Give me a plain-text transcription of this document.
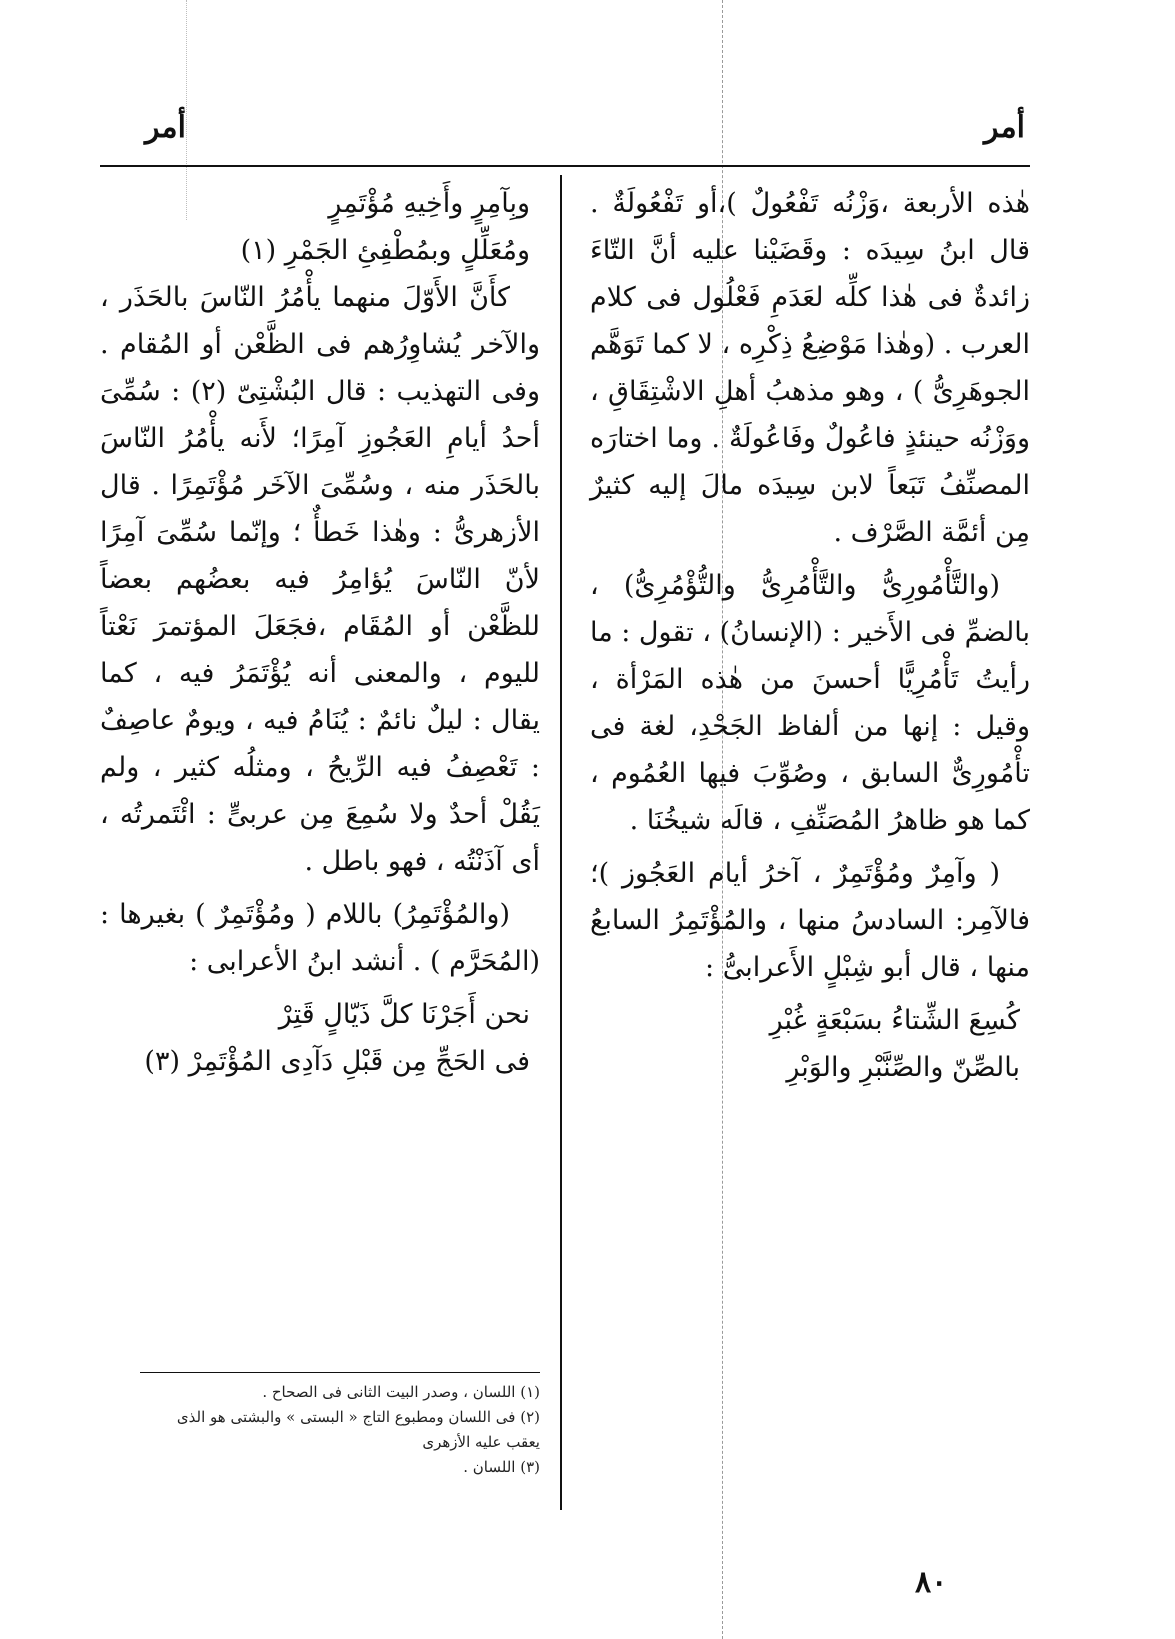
أمر
أمر

هٰذه الأربعة ،وَزْنُه تَفْعُولٌ )،أو تَفْعُولَةٌ . قال ابنُ سِيدَه : وقَضَيْنا عليه أنَّ التّاءَ زائدةٌ فى هٰذا كلِّه لعَدَمِ فَعْلُول فى كلام العرب . (وهٰذا مَوْضِعُ ذِكْرِه ، لا كما تَوَهَّم الجوهَرِىُّ ) ، وهو مذهبُ أهلِ الاشْتِقَاقِ ، ووَزْنُه حينئذٍ فاعُولٌ وفَاعُولَةٌ . وما اختارَه المصنِّفُ تَبَعاً لابن سِيدَه مالَ إليه كثيرٌ مِن أئمَّة الصَّرْف .

(والتَّأْمُورِىُّ والتَّأْمُرِىُّ والتُّؤْمُرِىُّ) ، بالضمِّ فى الأَخير : (الإنسانُ) ، تقول : ما رأيتُ تَأْمُرِيًّا أحسنَ من هٰذه المَرْأة ، وقيل : إنها من ألفاظ الجَحْدِ، لغة فى تأْمُورِىٌّ السابق ، وصُوِّبَ فيها العُمُوم ، كما هو ظاهرُ المُصَنِّفِ ، قالَه شيخُنَا .

( وآمِرٌ ومُؤْتَمِرٌ ، آخرُ أيام العَجُوز )؛ فالآمِر: السادسُ منها ، والمُؤْتَمِرُ السابعُ منها ، قال أبو شِبْلٍ الأَعرابىُّ :

كُسِعَ الشِّتاءُ بسَبْعَةٍ غُبْرِ

بالصِّنّ والصِّنَّبْرِ والوَبْرِ

وبِآمِرٍ وأَخِيهِ مُؤْتَمِرٍ

ومُعَلِّلٍ وبمُطْفِئِ الجَمْرِ (١)

كأَنَّ الأَوّلَ منهما يأْمُرُ النّاسَ بالحَذَر ، والآخر يُشاوِرُهم فى الظَّعْن أو المُقام . وفى التهذيب : قال البُشْتِىّ (٢) : سُمِّىَ أحدُ أيامِ العَجُوزِ آمِرًا؛ لأَنه يأْمُرُ النّاسَ بالحَذَر منه ، وسُمِّىَ الآخَر مُؤْتَمِرًا . قال الأزهرىُّ : وهٰذا خَطأٌ ؛ وإنّما سُمِّىَ آمِرًا لأنّ النّاسَ يُؤامِرُ فيه بعضُهم بعضاً للظَّعْن أو المُقَام ،فجَعَلَ المؤتمرَ نَعْتاً لليوم ، والمعنى أنه يُؤْتَمَرُ فيه ، كما يقال : ليلٌ نائمٌ : يُنَامُ فيه ، ويومٌ عاصِفٌ : تَعْصِفُ فيه الرِّيحُ ، ومثلُه كثير ، ولم يَقُلْ أحدٌ ولا سُمِعَ مِن عربىٍّ : ائْتَمرتُه ، أى آذَنْتُه ، فهو باطل .

(والمُؤْتَمِرُ) باللام ( ومُؤْتَمِرٌ ) بغيرها : (المُحَرَّم ) . أنشد ابنُ الأعرابى :

نحن أَجَرْنَا كلَّ ذَيّالٍ قَتِرْ

فى الحَجِّ مِن قَبْلِ دَآدِى المُؤْتَمِرْ (٣)

(١) اللسان ، وصدر البيت الثانى فى الصحاح .

(٢) فى اللسان ومطبوع التاج « البستى » والبشتى هو الذى يعقب عليه الأزهرى

(٣) اللسان .

٨٠
